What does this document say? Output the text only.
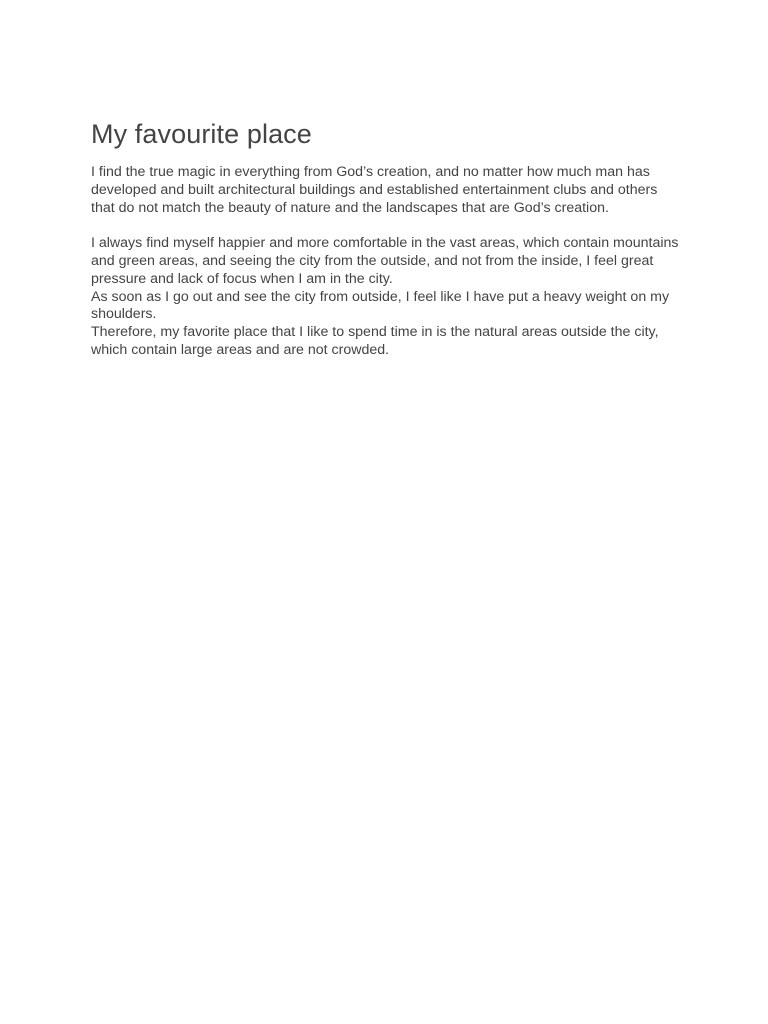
My favourite place

I find the true magic in everything from God’s creation, and no matter how much man has developed and built architectural buildings and established entertainment clubs and others that do not match the beauty of nature and the landscapes that are God’s creation.

I always find myself happier and more comfortable in the vast areas, which contain mountains and green areas, and seeing the city from the outside, and not from the inside, I feel great pressure and lack of focus when I am in the city.

As soon as I go out and see the city from outside, I feel like I have put a heavy weight on my shoulders.

Therefore, my favorite place that I like to spend time in is the natural areas outside the city, which contain large areas and are not crowded.
